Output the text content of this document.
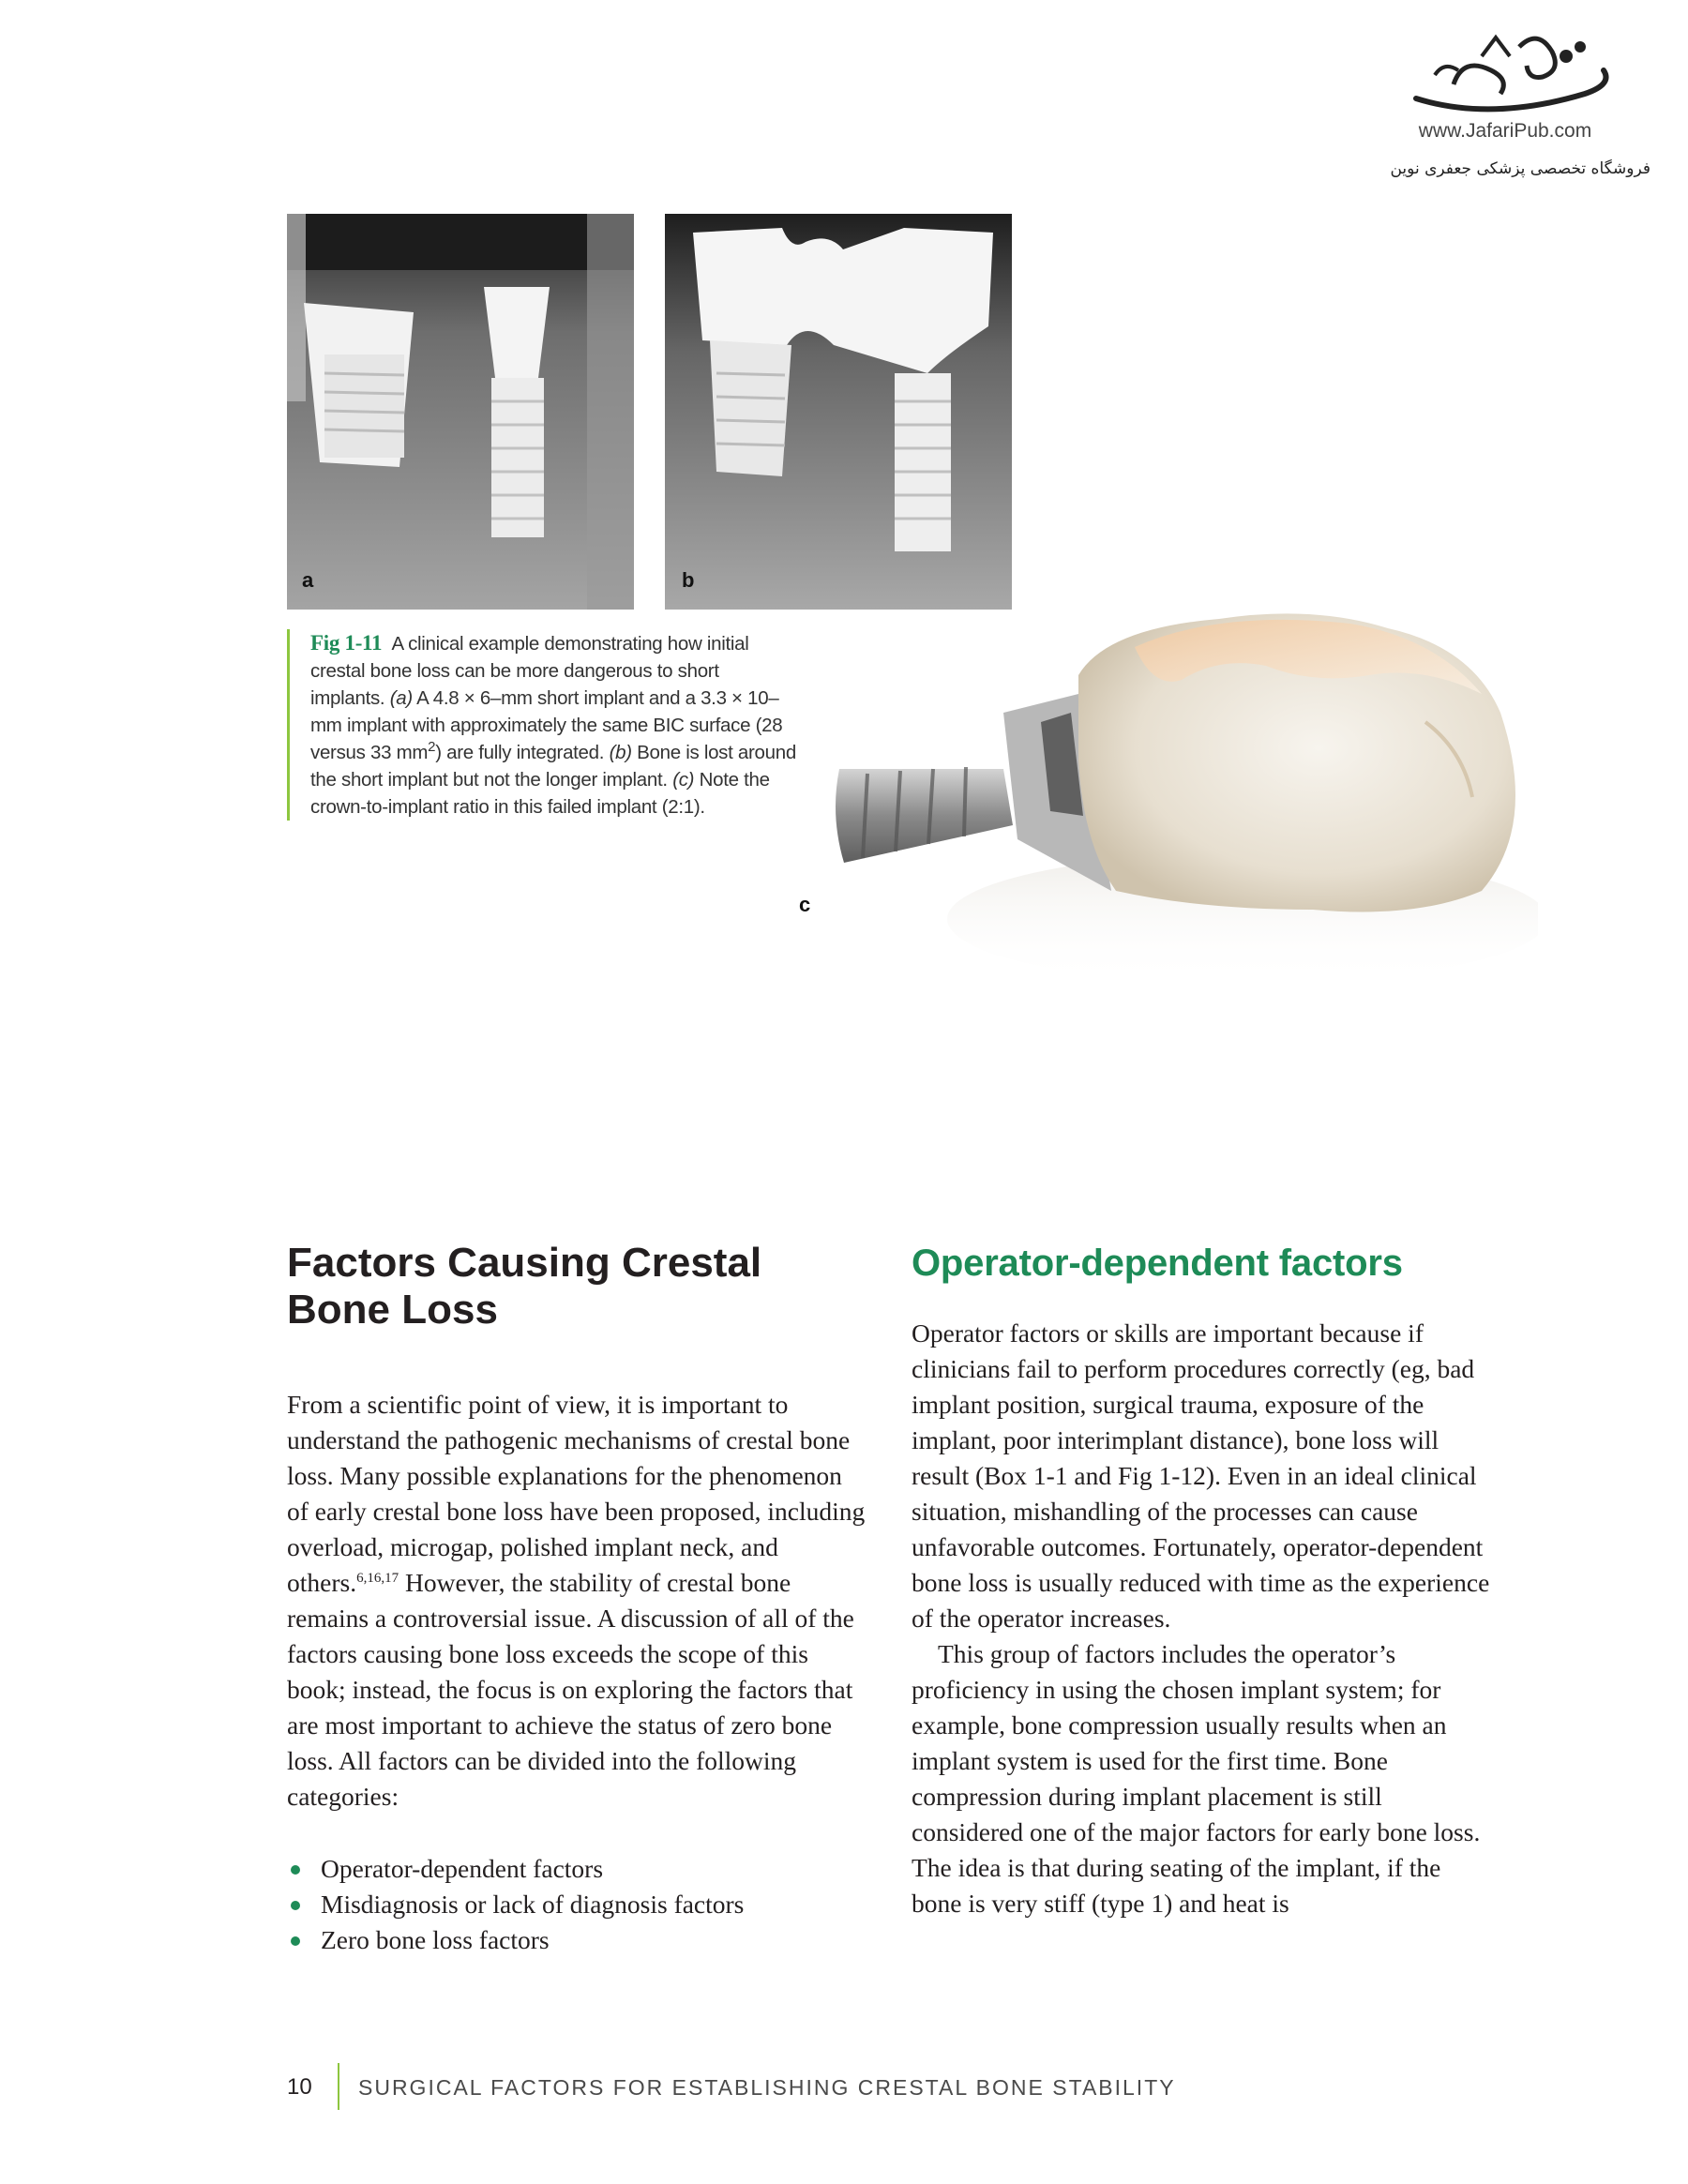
www.JafariPub.com
فروشگاه تخصصی پزشکی جعفری نوین
a	b
Fig 1-11 A clinical example demonstrating how initial crestal bone loss can be more dangerous to short implants. (a) A 4.8 × 6–mm short implant and a 3.3 × 10–mm implant with approximately the same BIC surface (28 versus 33 $mm^2$) are fully integrated. (b) Bone is lost around the short implant but not the longer implant. (c) Note the crown-to-implant ratio in this failed implant (2:1).
c
Factors Causing Crestal Bone Loss

From a scientific point of view, it is important to understand the pathogenic mechanisms of crestal bone loss. Many possible explanations for the phenomenon of early crestal bone loss have been proposed, including overload, microgap, polished implant neck, and others.$^{6,16,17}$ However, the stability of crestal bone remains a controversial issue. A discussion of all of the factors causing bone loss exceeds the scope of this book; instead, the focus is on exploring the factors that are most important to achieve the status of zero bone loss. All factors can be divided into the following categories:

Operator-dependent factors
Misdiagnosis or lack of diagnosis factors
Zero bone loss factors
Operator-dependent factors

Operator factors or skills are important because if clinicians fail to perform procedures correctly (eg, bad implant position, surgical trauma, exposure of the implant, poor interimplant distance), bone loss will result (Box 1-1 and Fig 1-12). Even in an ideal clinical situation, mishandling of the processes can cause unfavorable outcomes. Fortunately, operator-dependent bone loss is usually reduced with time as the experience of the operator increases.

This group of factors includes the operator’s proficiency in using the chosen implant system; for example, bone compression usually results when an implant system is used for the first time. Bone compression during implant placement is still considered one of the major factors for early bone loss. The idea is that during seating of the implant, if the bone is very stiff (type 1) and heat is

10 SURGICAL FACTORS FOR ESTABLISHING CRESTAL BONE STABILITY
